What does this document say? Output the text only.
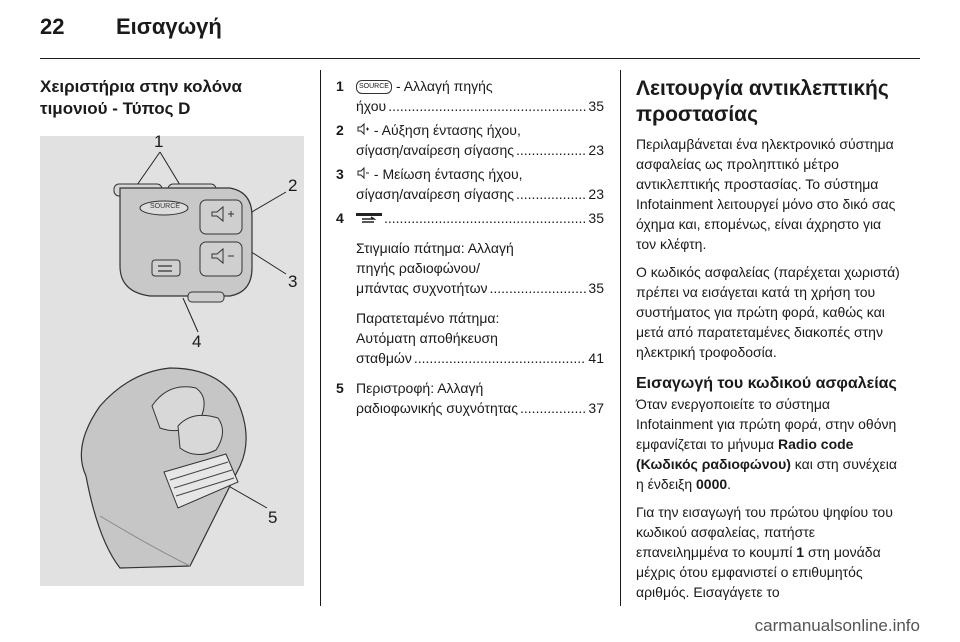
22 Εισαγωγή
Χειριστήρια στην κολόνα τιμονιού - Τύπος D
1
2
3
4
5
SOURCE
1	SOURCE - Αλλαγή πηγής
ήχου .....	35
2	- Αύξηση έντασης ήχου,
σίγαση/αναίρεση σίγασης .....	23
3	- Μείωση έντασης ήχου,
σίγαση/αναίρεση σίγασης .....	23
4 .....	35
Στιγμιαίο πάτημα: Αλλαγή
πηγής ραδιοφώνου/
μπάντας συχνοτήτων .....	35
Παρατεταμένο πάτημα:
Αυτόματη αποθήκευση
σταθμών .....	41
5 Περιστροφή: Αλλαγή
ραδιοφωνικής συχνότητας .....	37
Λειτουργία αντικλεπτικής προστασίας

Περιλαμβάνεται ένα ηλεκτρονικό σύστημα ασφαλείας ως προληπτικό μέτρο αντικλεπτικής προστασίας. Το σύστημα Infotainment λειτουργεί μόνο στο δικό σας όχημα και, επομένως, είναι άχρηστο για τον κλέφτη.

Ο κωδικός ασφαλείας (παρέχεται χωριστά) πρέπει να εισάγεται κατά τη χρήση του συστήματος για πρώτη φορά, καθώς και μετά από παρατεταμένες διακοπές στην ηλεκτρική τροφοδοσία.

Εισαγωγή του κωδικού ασφαλείας

Όταν ενεργοποιείτε το σύστημα Infotainment για πρώτη φορά, στην οθόνη εμφανίζεται το μήνυμα Radio code (Κωδικός ραδιοφώνου) και στη συνέχεια η ένδειξη 0000.

Για την εισαγωγή του πρώτου ψηφίου του κωδικού ασφαλείας, πατήστε επανειλημμένα το κουμπί 1 στη μονάδα μέχρις ότου εμφανιστεί ο επιθυμητός αριθμός. Εισαγάγετε το

carmanualsonline.info
